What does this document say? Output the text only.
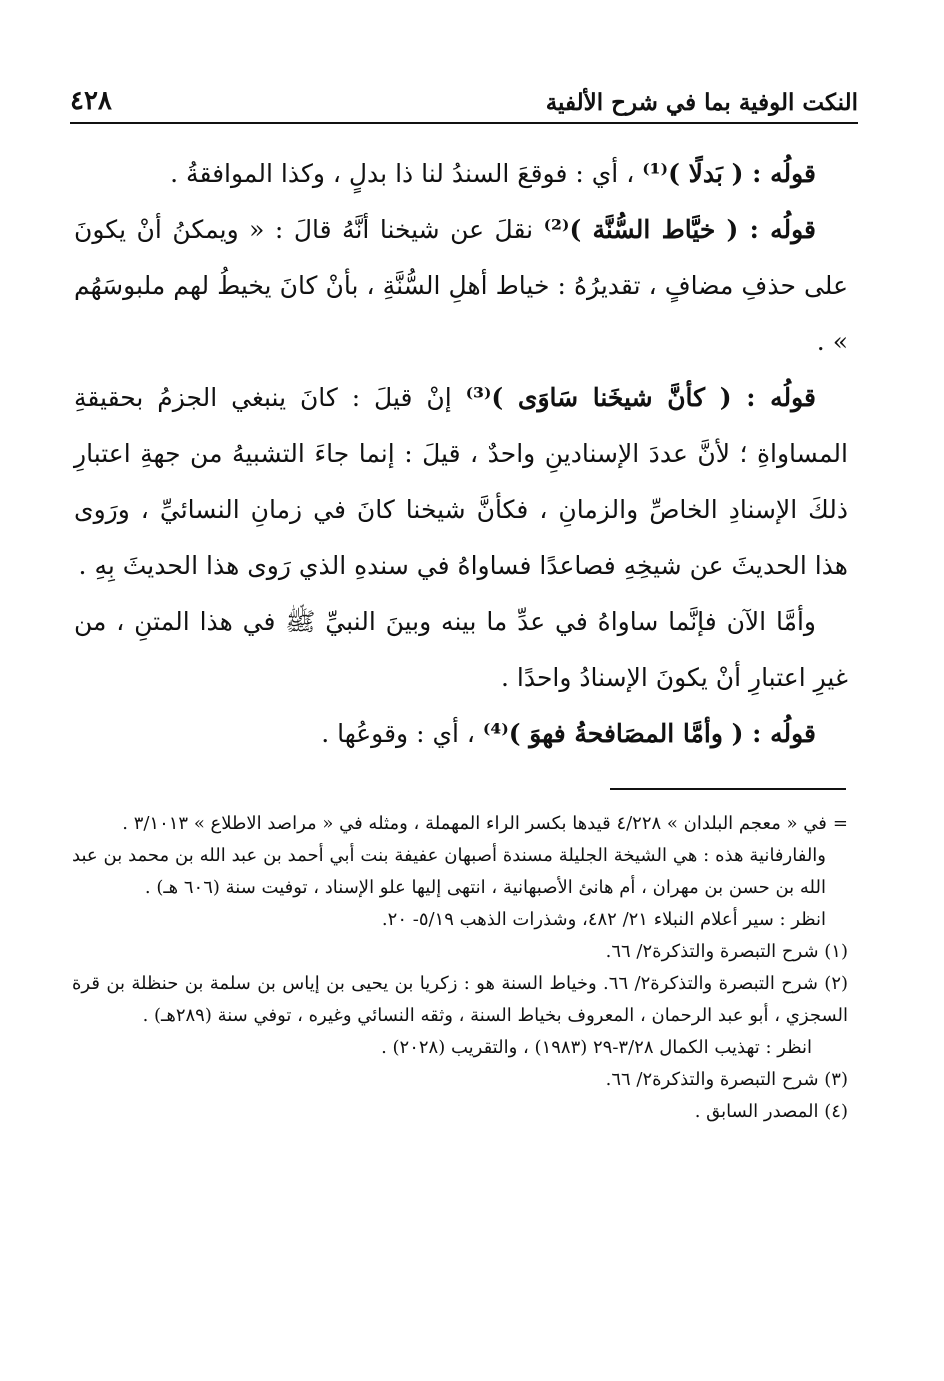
النكت الوفية بما في شرح الألفية
٤٢٨

قولُه : ( بَدلًا )⁽¹⁾ ، أي : فوقعَ السندُ لنا ذا بدلٍ ، وكذا الموافقةُ .

قولُه : ( خيَّاط السُّنَّة )⁽²⁾ نقلَ عن شيخنا أنَّهُ قالَ : « ويمكنُ أنْ يكونَ على حذفِ مضافٍ ، تقديرُهُ : خياط أهلِ السُّنَّةِ ، بأنْ كانَ يخيطُ لهم ملبوسَهُم » .

قولُه : ( كأنَّ شيخَنا سَاوَى )⁽³⁾ إنْ قيلَ : كانَ ينبغي الجزمُ بحقيقةِ المساواةِ ؛ لأنَّ عددَ الإسنادينِ واحدٌ ، قيلَ : إنما جاءَ التشبيهُ من جهةِ اعتبارِ ذلكَ الإسنادِ الخاصِّ والزمانِ ، فكأنَّ شيخنا كانَ في زمانِ النسائيِّ ، ورَوى هذا الحديثَ عن شيخِهِ فصاعدًا فساواهُ في سندهِ الذي رَوى هذا الحديثَ بِهِ .

وأمَّا الآن فإنَّما ساواهُ في عدِّ ما بينه وبينَ النبيِّ ﷺ في هذا المتنِ ، من غيرِ اعتبارِ أنْ يكونَ الإسنادُ واحدًا .

قولُه : ( وأمَّا المصَافحةُ فهوَ )⁽⁴⁾ ، أي : وقوعُها .

=
في « معجم البلدان » ٤/٢٢٨ قيدها بكسر الراء المهملة ، ومثله في « مراصد الاطلاع » ٣/١٠١٣ .

والفارفانية هذه : هي الشيخة الجليلة مسندة أصبهان عفيفة بنت أبي أحمد بن عبد الله بن محمد بن عبد الله بن حسن بن مهران ، أم هانئ الأصبهانية ، انتهى إليها علو الإسناد ، توفيت سنة (٦٠٦ هـ) .

انظر : سير أعلام النبلاء ٢١/ ٤٨٢، وشذرات الذهب ٥/١٩- ٢٠.

(١) شرح التبصرة والتذكرة٢/ ٦٦.

(٢) شرح التبصرة والتذكرة٢/ ٦٦. وخياط السنة هو : زكريا بن يحيى بن إياس بن سلمة بن حنظلة بن قرة السجزي ، أبو عبد الرحمان ، المعروف بخياط السنة ، وثقه النسائي وغيره ، توفي سنة (٢٨٩هـ) .

انظر : تهذيب الكمال ٣/٢٨-٢٩ (١٩٨٣) ، والتقريب (٢٠٢٨) .

(٣) شرح التبصرة والتذكرة٢/ ٦٦.

(٤) المصدر السابق .
